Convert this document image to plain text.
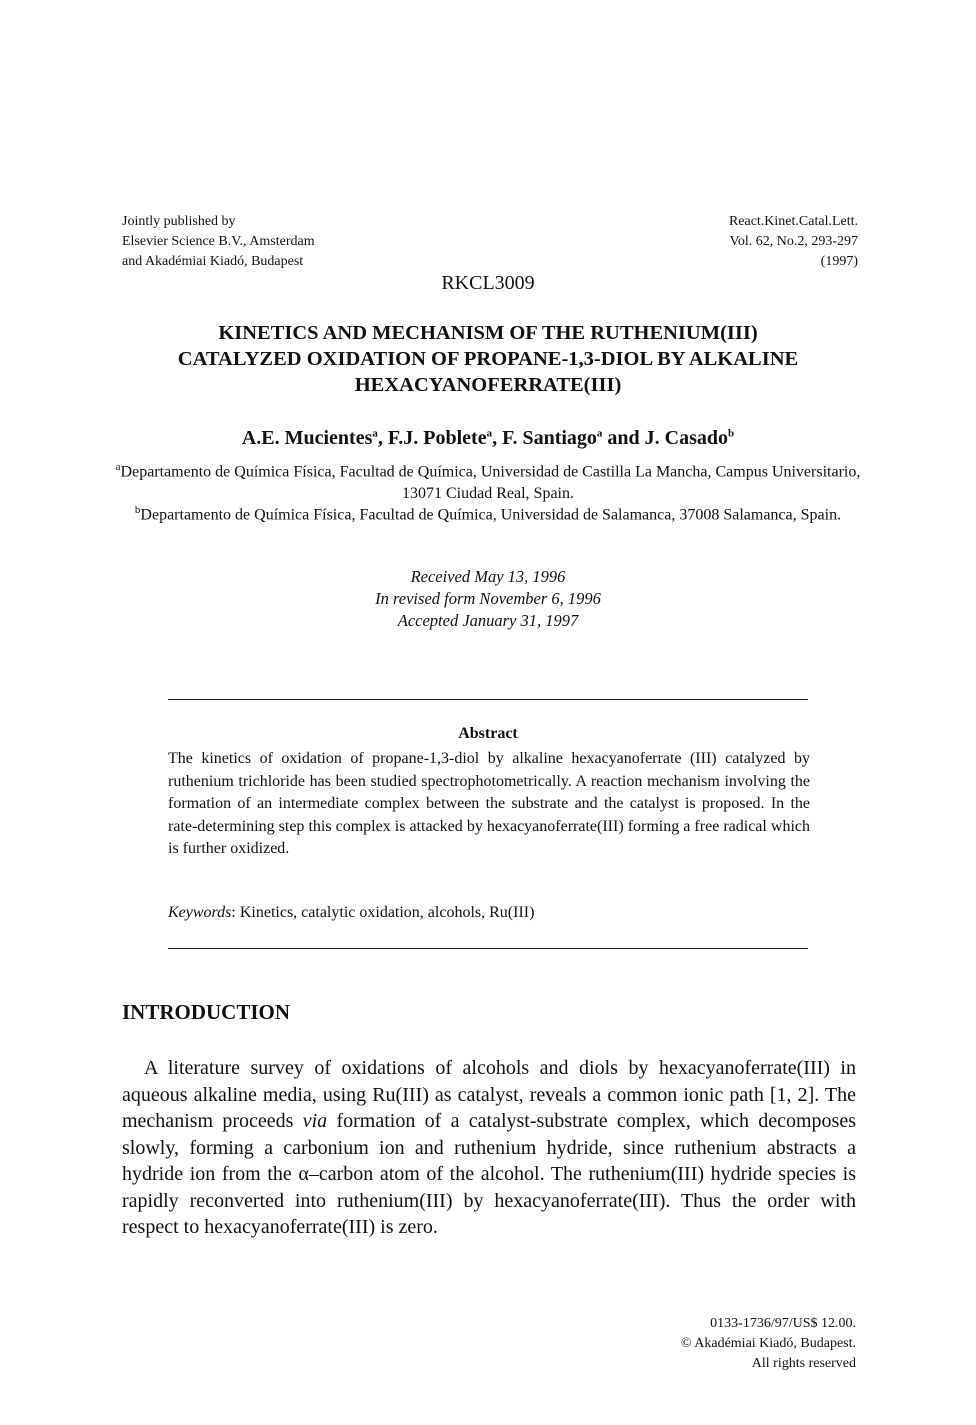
Jointly published by
Elsevier Science B.V., Amsterdam
and Akadémiai Kiadó, Budapest
React.Kinet.Catal.Lett.
Vol. 62, No.2, 293-297
(1997)
RKCL3009
KINETICS AND MECHANISM OF THE RUTHENIUM(III)
CATALYZED OXIDATION OF PROPANE-1,3-DIOL BY ALKALINE
HEXACYANOFERRATE(III)
A.E. Mucientes$^a$, F.J. Poblete$^a$, F. Santiago$^a$ and J. Casado$^b$
$^a$Departamento de Química Física, Facultad de Química, Universidad de Castilla La Mancha, Campus Universitario, 13071 Ciudad Real, Spain.
$^b$Departamento de Química Física, Facultad de Química, Universidad de Salamanca, 37008 Salamanca, Spain.
Received May 13, 1996
In revised form November 6, 1996
Accepted January 31, 1997
Abstract
The kinetics of oxidation of propane-1,3-diol by alkaline hexacyanoferrate (III) catalyzed by ruthenium trichloride has been studied spectrophotometrically. A reaction mechanism involving the formation of an intermediate complex between the substrate and the catalyst is proposed. In the rate-determining step this complex is attacked by hexacyanoferrate(III) forming a free radical which is further oxidized.
Keywords: Kinetics, catalytic oxidation, alcohols, Ru(III)
INTRODUCTION

A literature survey of oxidations of alcohols and diols by hexacyanoferrate(III) in aqueous alkaline media, using Ru(III) as catalyst, reveals a common ionic path [1, 2]. The mechanism proceeds via formation of a catalyst-substrate complex, which decomposes slowly, forming a carbonium ion and ruthenium hydride, since ruthenium abstracts a hydride ion from the α–carbon atom of the alcohol. The ruthenium(III) hydride species is rapidly reconverted into ruthenium(III) by hexacyanoferrate(III). Thus the order with respect to hexacyanoferrate(III) is zero.

0133-1736/97/US$ 12.00.
© Akadémiai Kiadó, Budapest.
All rights reserved
